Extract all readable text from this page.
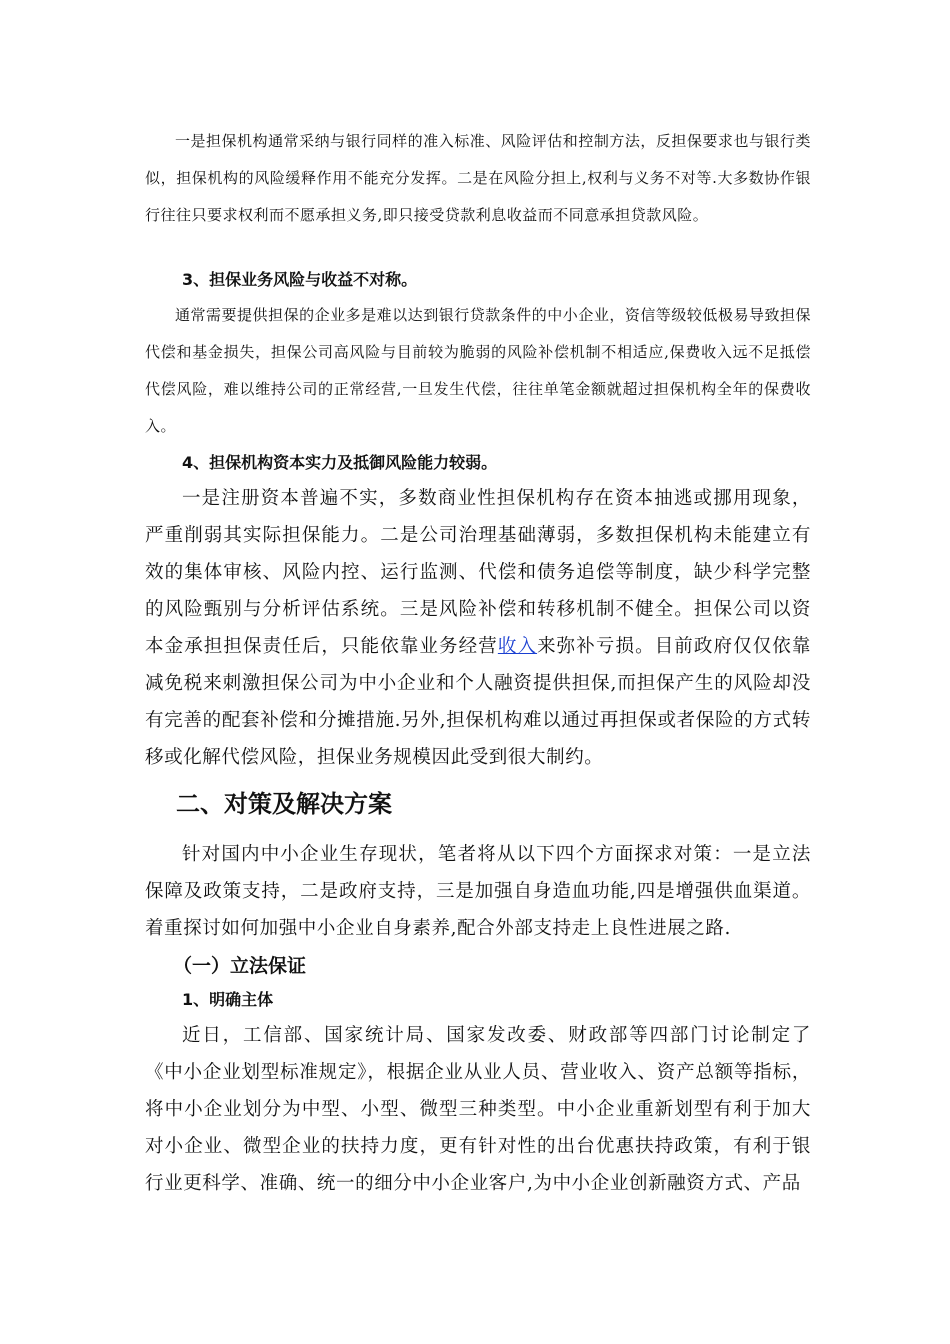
一是担保机构通常采纳与银行同样的准入标准、风险评估和控制方法，反担保要求也与银行类似，担保机构的风险缓释作用不能充分发挥。二是在风险分担上,权利与义务不对等.大多数协作银行往往只要求权利而不愿承担义务,即只接受贷款利息收益而不同意承担贷款风险。

3、担保业务风险与收益不对称。

通常需要提供担保的企业多是难以达到银行贷款条件的中小企业，资信等级较低极易导致担保代偿和基金损失，担保公司高风险与目前较为脆弱的风险补偿机制不相适应,保费收入远不足抵偿代偿风险，难以维持公司的正常经营,一旦发生代偿，往往单笔金额就超过担保机构全年的保费收入。

4、担保机构资本实力及抵御风险能力较弱。

一是注册资本普遍不实，多数商业性担保机构存在资本抽逃或挪用现象，严重削弱其实际担保能力。二是公司治理基础薄弱，多数担保机构未能建立有效的集体审核、风险内控、运行监测、代偿和债务追偿等制度，缺少科学完整的风险甄别与分析评估系统。三是风险补偿和转移机制不健全。担保公司以资本金承担担保责任后，只能依靠业务经营收入来弥补亏损。目前政府仅仅依靠减免税来刺激担保公司为中小企业和个人融资提供担保,而担保产生的风险却没有完善的配套补偿和分摊措施.另外,担保机构难以通过再担保或者保险的方式转移或化解代偿风险，担保业务规模因此受到很大制约。

二、对策及解决方案

针对国内中小企业生存现状，笔者将从以下四个方面探求对策：一是立法保障及政策支持，二是政府支持，三是加强自身造血功能,四是增强供血渠道。着重探讨如何加强中小企业自身素养,配合外部支持走上良性进展之路.

（一）立法保证
1、明确主体

近日，工信部、国家统计局、国家发改委、财政部等四部门讨论制定了《中小企业划型标准规定》，根据企业从业人员、营业收入、资产总额等指标，将中小企业划分为中型、小型、微型三种类型。中小企业重新划型有利于加大对小企业、微型企业的扶持力度，更有针对性的出台优惠扶持政策，有利于银行业更科学、准确、统一的细分中小企业客户,为中小企业创新融资方式、产品
